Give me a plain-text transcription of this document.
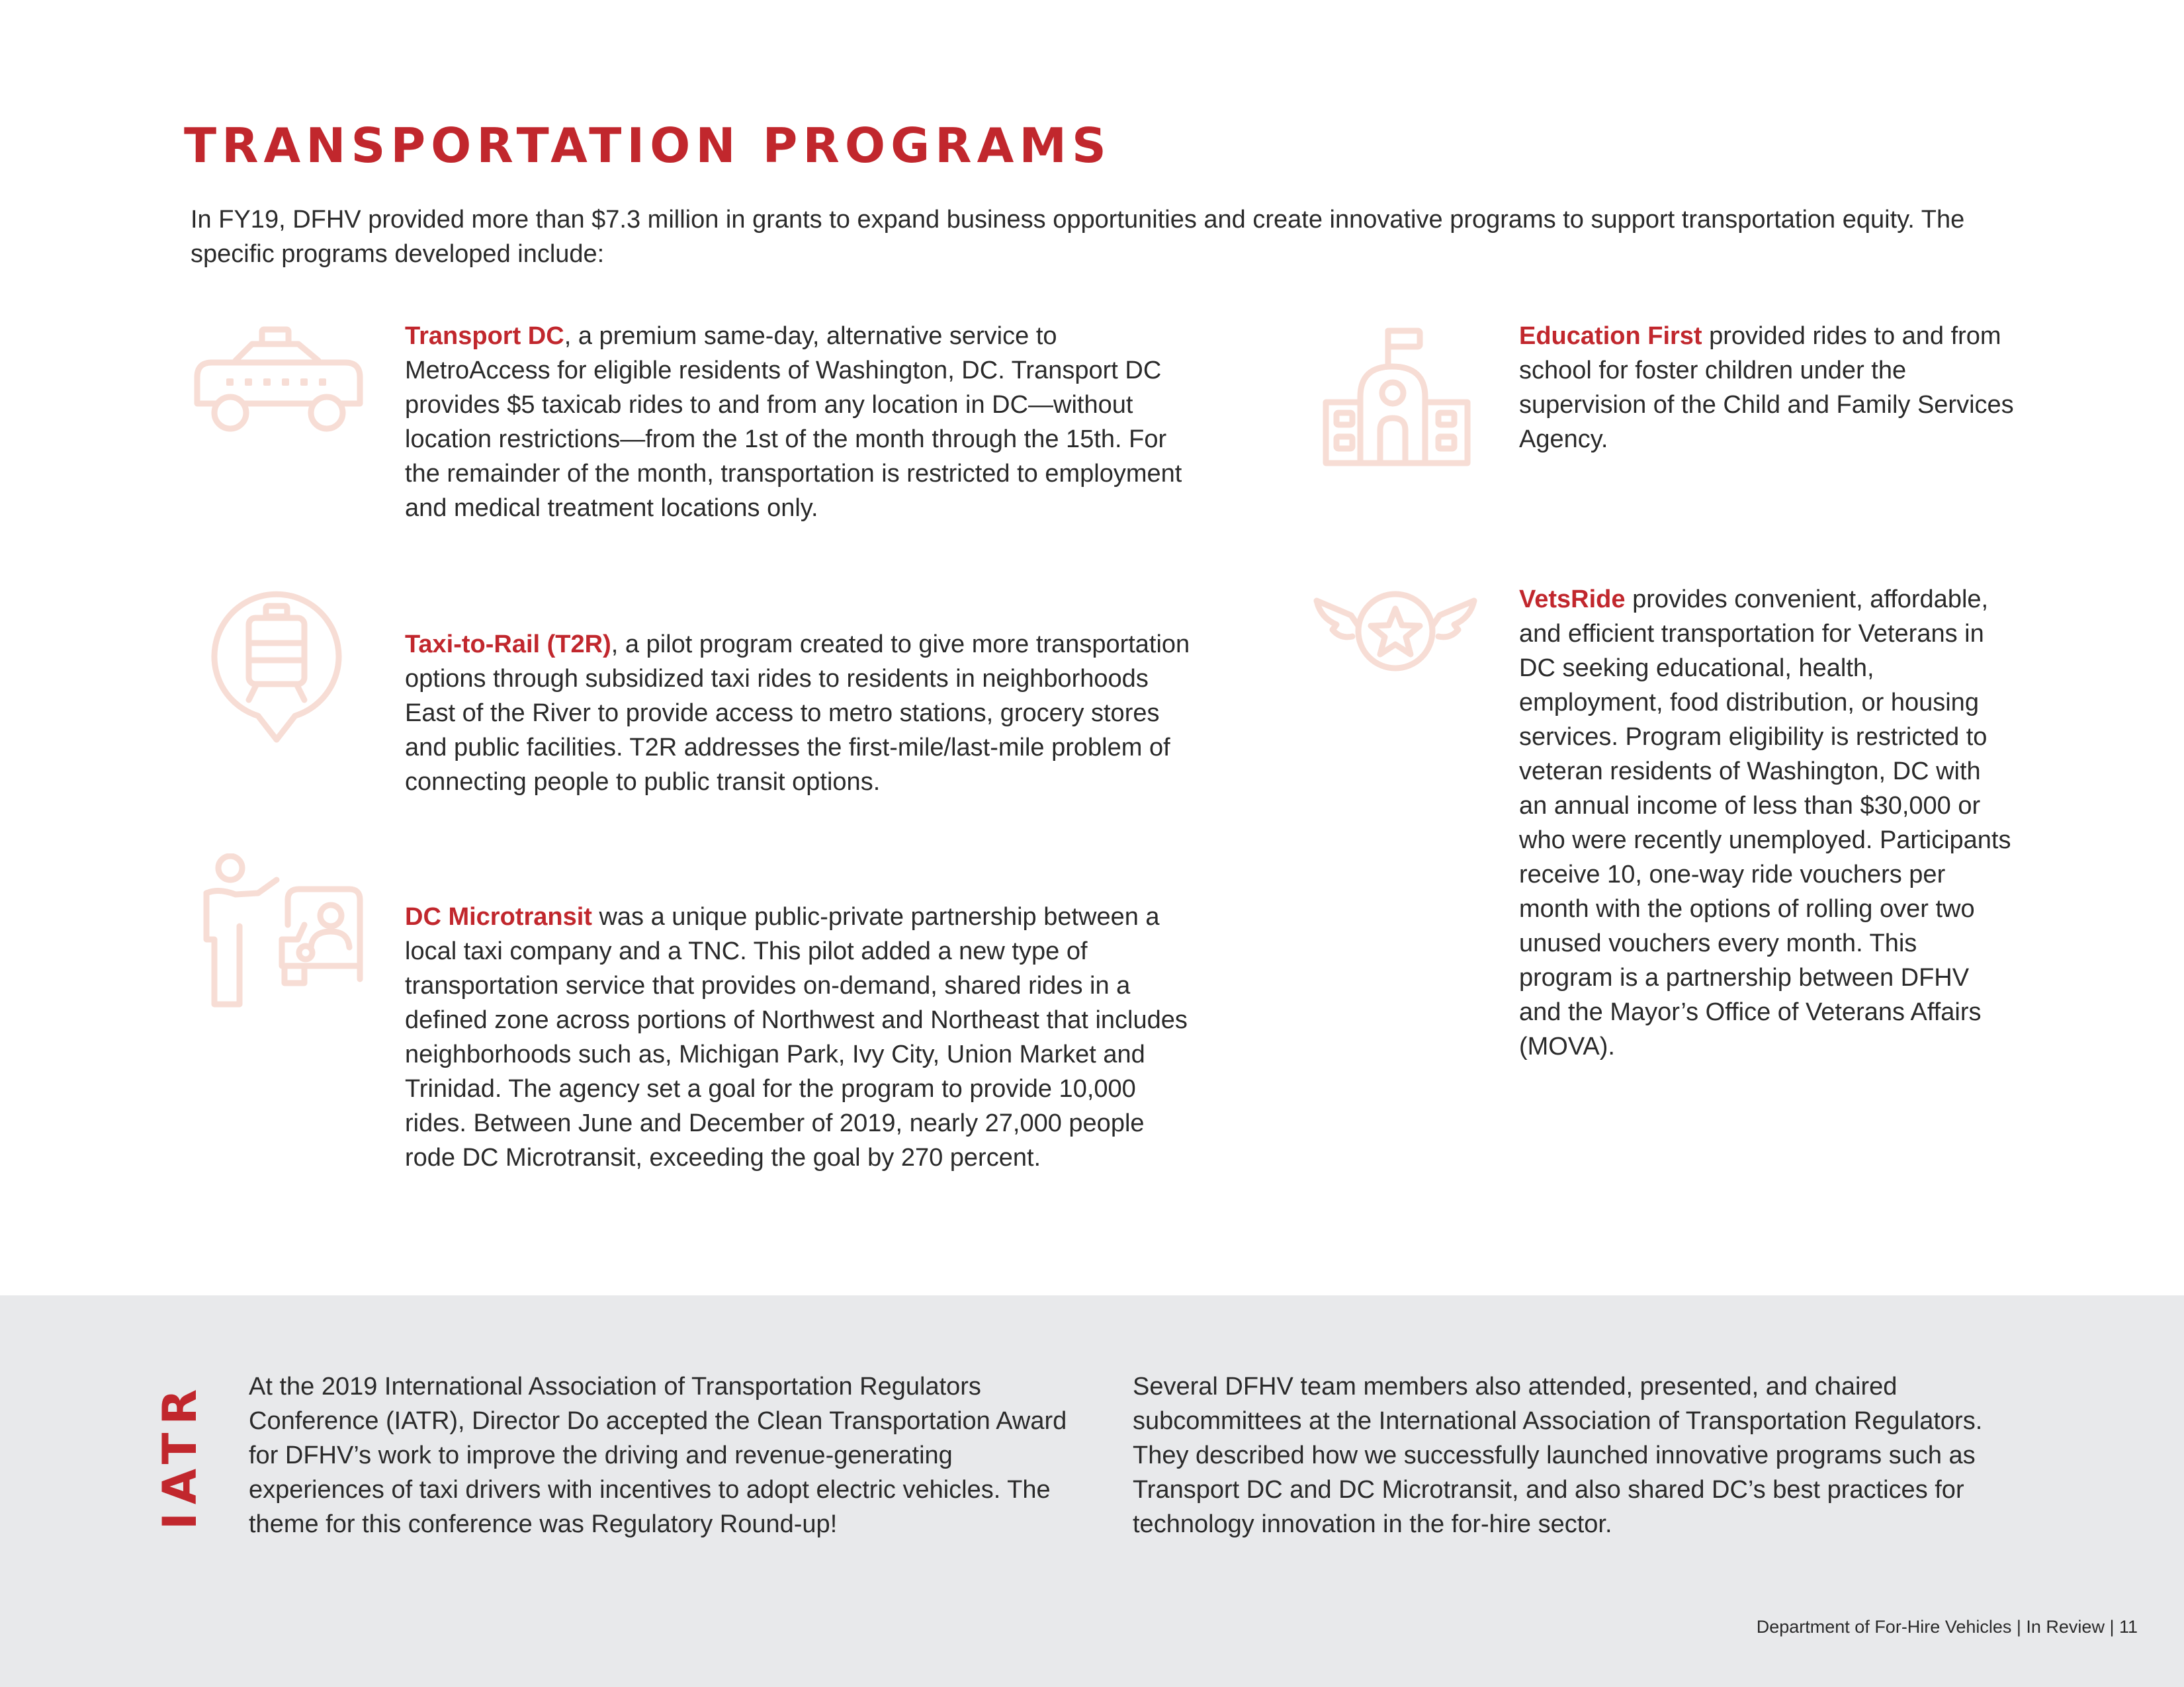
TRANSPORTATION PROGRAMS

In FY19, DFHV provided more than $7.3 million in grants to expand business opportunities and create innovative programs to support transportation equity. The specific programs developed include:

Transport DC, a premium same-day, alternative service to MetroAccess for eligible residents of Washington, DC. Transport DC provides $5 taxicab rides to and from any location in DC—without location restrictions—from the 1st of the month through the 15th. For the remainder of the month, transportation is restricted to employment and medical treatment locations only.

Taxi-to-Rail (T2R), a pilot program created to give more transportation options through subsidized taxi rides to residents in neighborhoods East of the River to provide access to metro stations, grocery stores and public facilities. T2R addresses the first-mile/last-mile problem of connecting people to public transit options.

DC Microtransit was a unique public-private partnership between a local taxi company and a TNC. This pilot added a new type of transportation service that provides on-demand, shared rides in a defined zone across portions of Northwest and Northeast that includes neighborhoods such as, Michigan Park, Ivy City, Union Market and Trinidad. The agency set a goal for the program to provide 10,000 rides. Between June and December of 2019, nearly 27,000 people rode DC Microtransit, exceeding the goal by 270 percent.

Education First provided rides to and from school for foster children under the supervision of the Child and Family Services Agency.

VetsRide provides convenient, affordable, and efficient transportation for Veterans in DC seeking educational, health, employment, food distribution, or housing services. Program eligibility is restricted to veteran residents of Washington, DC with an annual income of less than $30,000 or who were recently unemployed. Participants receive 10, one-way ride vouchers per month with the options of rolling over two unused vouchers every month. This program is a partnership between DFHV and the Mayor’s Office of Veterans Affairs (MOVA).

IATR At the 2019 International Association of Transportation Regulators Conference (IATR), Director Do accepted the Clean Transportation Award for DFHV’s work to improve the driving and revenue-generating experiences of taxi drivers with incentives to adopt electric vehicles. The theme for this conference was Regulatory Round-up!

Several DFHV team members also attended, presented, and chaired subcommittees at the International Association of Transportation Regulators. They described how we successfully launched innovative programs such as Transport DC and DC Microtransit, and also shared DC’s best practices for technology innovation in the for-hire sector.

Department of For-Hire Vehicles | In Review | 11
